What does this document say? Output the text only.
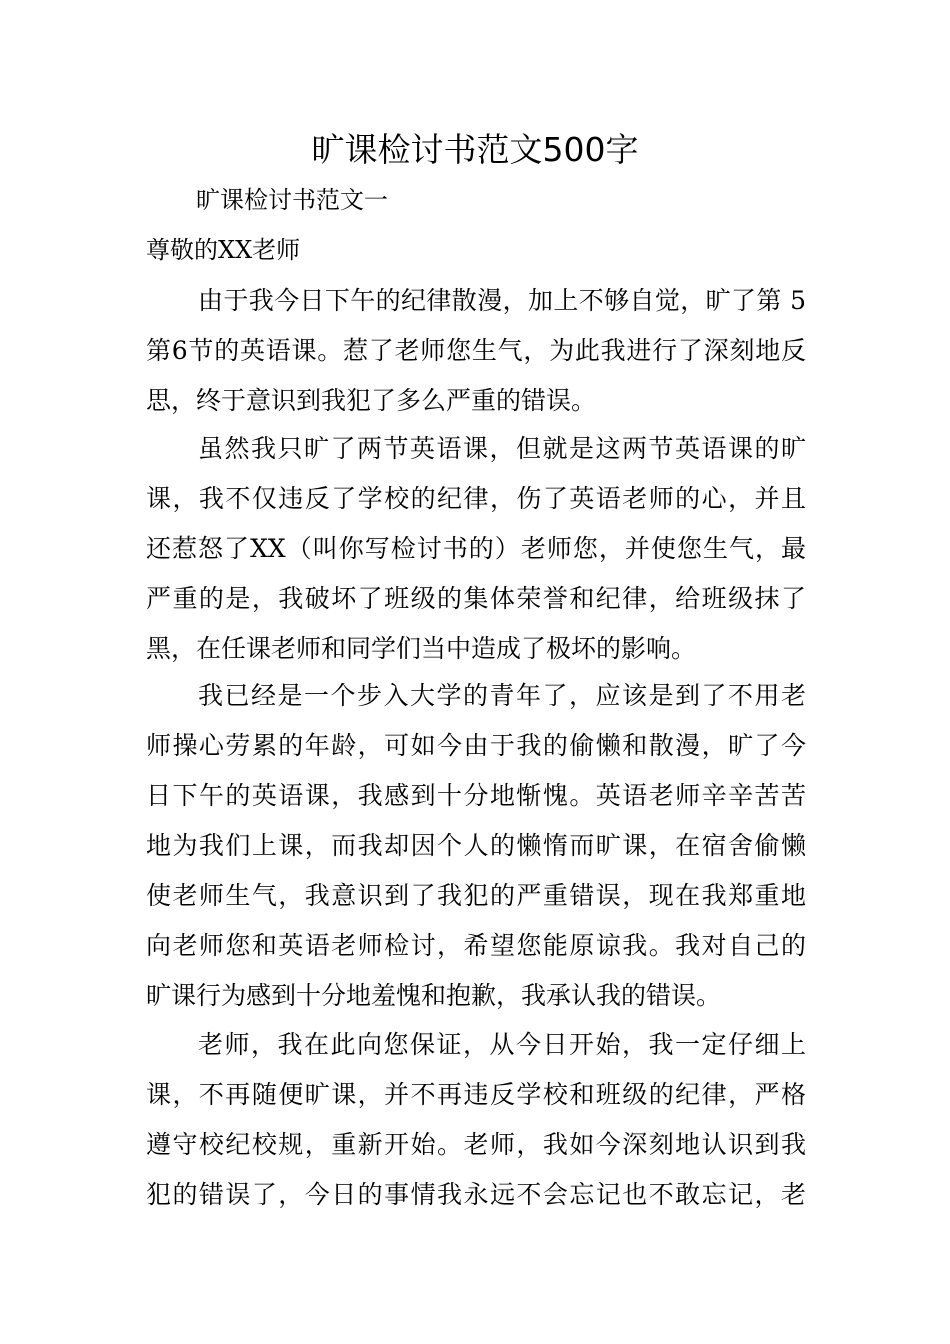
旷课检讨书范文500字
旷课检讨书范文一
尊敬的XX老师
由于我今日下午的纪律散漫，加上不够自觉，旷了第 5
第6节的英语课。惹了老师您生气，为此我进行了深刻地反
思，终于意识到我犯了多么严重的错误。
虽然我只旷了两节英语课，但就是这两节英语课的旷
课，我不仅违反了学校的纪律，伤了英语老师的心，并且
还惹怒了XX（叫你写检讨书的）老师您，并使您生气，最
严重的是，我破坏了班级的集体荣誉和纪律，给班级抹了
黑，在任课老师和同学们当中造成了极坏的影响。
我已经是一个步入大学的青年了，应该是到了不用老
师操心劳累的年龄，可如今由于我的偷懒和散漫，旷了今
日下午的英语课，我感到十分地惭愧。英语老师辛辛苦苦
地为我们上课，而我却因个人的懒惰而旷课，在宿舍偷懒
使老师生气，我意识到了我犯的严重错误，现在我郑重地
向老师您和英语老师检讨，希望您能原谅我。我对自己的
旷课行为感到十分地羞愧和抱歉，我承认我的错误。
老师，我在此向您保证，从今日开始，我一定仔细上
课，不再随便旷课，并不再违反学校和班级的纪律，严格
遵守校纪校规，重新开始。老师，我如今深刻地认识到我
犯的错误了，今日的事情我永远不会忘记也不敢忘记，老
